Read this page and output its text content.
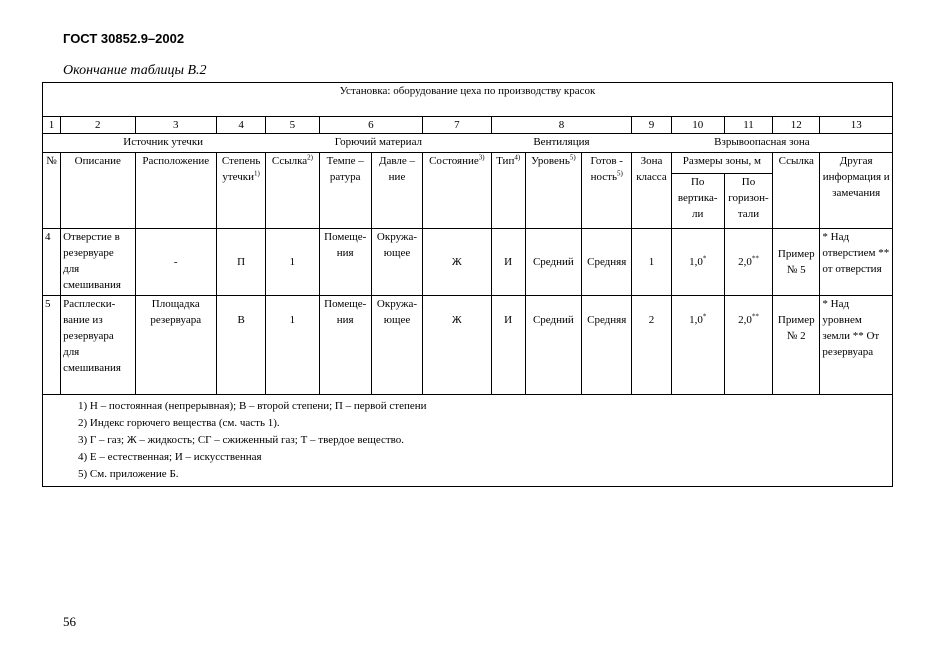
ГОСТ 30852.9–2002
Окончание таблицы В.2
Установка: оборудование цеха по производству красок															
1	2	3	4	5	6		7	8			9	10	11	12	13
	Источник утечки			Горючий материал				Вентиляция			Взрывоопасная зона				
№	Описание	Расположение	Степень утечки$^{1)}$	Ссылка$^{2)}$	Темпе – ратура	Давле – ние	Состояние$^{3)}$	Тип$^{4)}$	Уровень$^{5)}$	Готов - ность$^{5)}$	Зона класса	Размеры зоны, м		Ссылка	Другая информация и замечания
												По вертика- ли	По горизон- тали		
4	Отверстие в резервуаре для смешивания	-	П	1	Помеще- ния	Окружа- ющее	Ж	И	Средний	Средняя	1	1,0*	2,0**	Пример № 5	* Над отверстием ** от отверстия
5	Расплески- вание из резервуара для смешивания	Площадка резервуара	В	1	Помеще- ния	Окружа- ющее	Ж	И	Средний	Средняя	2	1,0*	2,0**	Пример № 2	* Над уровнем земли ** От резервуара

1) Н – постоянная (непрерывная); В – второй степени; П – первой степени
2) Индекс горючего вещества (см. часть 1).
3) Г – газ; Ж – жидкость; СГ – сжиженный газ; Т – твердое вещество.
4) Е – естественная; И – искусственная
5) См. приложение Б.															
56
